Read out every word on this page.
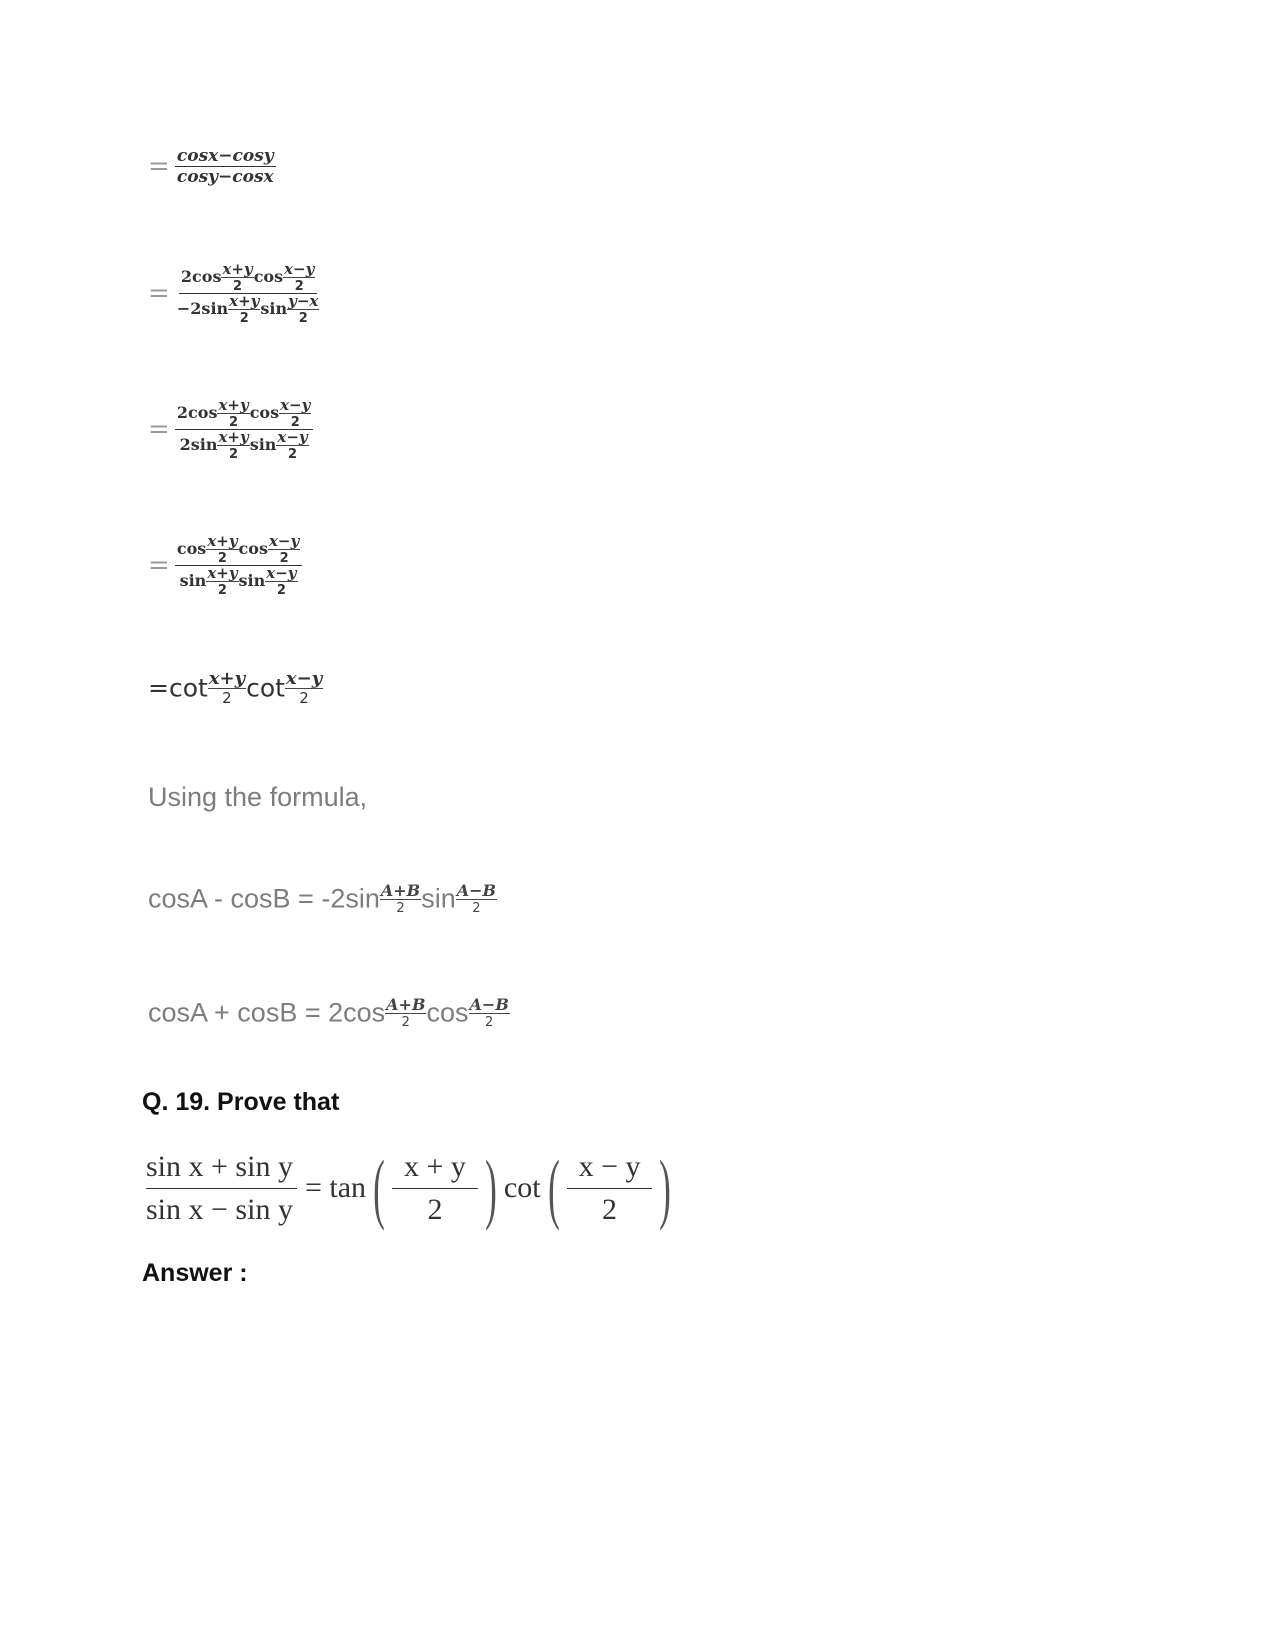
= $\frac{\cos x-\cos y}{\cos y-\cos x}$
= $\frac{2\cos \frac{x+y}{2} \cos \frac{x-y}{2}}{-2\sin \frac{x+y}{2} \sin \frac{y-x}{2}}$
= $\frac{2\cos \frac{x+y}{2} \cos \frac{x-y}{2}}{2\sin \frac{x+y}{2} \sin \frac{x-y}{2}}$
= $\frac{\cos \frac{x+y}{2} \cos \frac{x-y}{2}}{\sin \frac{x+y}{2} \sin \frac{x-y}{2}}$
=cot x+y
2 cot x−y
2
Using the formula,
cosA - cosB = -2sin A+B
2 sin A−B
2
cosA + cosB = 2cos A+B
2 cos A−B
2
Q. 19. Prove that
$\frac{\text{sin x + sin y}}{\text{sin x − sin y}} = \tan$ ( $\frac{x + y}{2}$ ) cot ( $\frac{x - y}{2}$ )
Answer :
